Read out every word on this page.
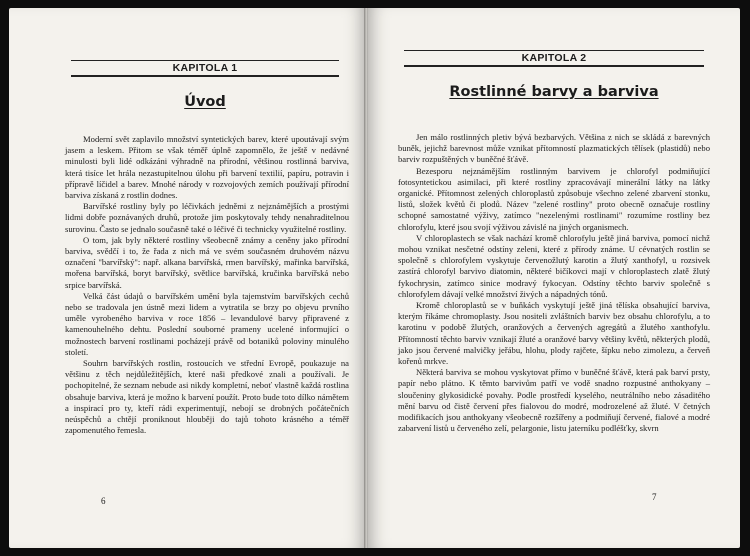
KAPITOLA 1
Úvod

Moderní svět zaplavilo množství syntetických barev, které upoutávají svým jasem a leskem. Přitom se však téměř úplně zapomnělo, že ještě v nedávné minulosti byli lidé odkázáni výhradně na přírodní, většinou rostlinná barviva, která tisíce let hrála nezastupitelnou úlohu při barvení textilií, papíru, potravin i přípravě líčidel a barev. Mnohé národy v rozvojových zemích používají přírodní barviva získaná z rostlin dodnes.

Barvířské rostliny byly po léčivkách jedněmi z nejznámějších a prostými lidmi dobře poznávaných druhů, protože jim poskytovaly tehdy nenahraditelnou surovinu. Často se jednalo současně také o léčivé či technicky využitelné rostliny.

O tom, jak byly některé rostliny všeobecně známy a ceněny jako přírodní barviva, svědčí i to, že řada z nich má ve svém současném druhovém názvu označení "barvířský": např. alkana barvířská, rmen barvířský, mařinka barvířská, mořena barvířská, boryt barvířský, světlice barvířská, kručinka barvířská nebo srpice barvířská.

Velká část údajů o barvířském umění byla tajemstvím barvířských cechů nebo se tradovala jen ústně mezi lidem a vytratila se brzy po objevu prvního uměle vyrobeného barviva v roce 1856 – levandulové barvy připravené z kamenouhelného dehtu. Poslední souborné prameny ucelené informující o možnostech barvení rostlinami pocházejí právě od botaniků poloviny minulého století.

Souhrn barvířských rostlin, rostoucích ve střední Evropě, poukazuje na většinu z těch nejdůležitějších, které naši předkové znali a používali. Je pochopitelné, že seznam nebude asi nikdy kompletní, neboť vlastně každá rostlina obsahuje barviva, která je možno k barvení použít. Proto bude toto dílko námětem a inspirací pro ty, kteří rádi experimentují, nebojí se drobných počátečních neúspěchů a chtějí proniknout hlouběji do tajů tohoto krásného a téměř zapomenutého řemesla.

6
KAPITOLA 2
Rostlinné barvy a barviva

Jen málo rostlinných pletiv bývá bezbarvých. Většina z nich se skládá z barevných buněk, jejichž barevnost může vznikat přítomností plazmatických tělísek (plastidů) nebo barviv rozpuštěných v buněčné šťávě.

Bezesporu nejznámějším rostlinným barvivem je chlorofyl podmiňující fotosyntetickou asimilaci, při které rostliny zpracovávají minerální látky na látky organické. Přítomnost zelených chloroplastů způsobuje všechno zelené zbarvení stonku, listů, složek květů či plodů. Název "zelené rostliny" proto obecně označuje rostliny schopné samostatné výživy, zatímco "nezelenými rostlinami" rozumíme rostliny bez chlorofylu, které jsou svojí výživou závislé na jiných organismech.

V chloroplastech se však nachází kromě chlorofylu ještě jiná barviva, pomocí nichž mohou vznikat nesčetné odstíny zeleni, které z přírody známe. U cévnatých rostlin se společně s chlorofylem vyskytuje červenožlutý karotin a žlutý xanthofyl, u rozsivek zastírá chlorofyl barvivo diatomin, některé bičíkovci mají v chloroplastech zlatě žlutý fykochrysin, zatímco sinice modravý fykocyan. Odstíny těchto barviv společně s chlorofylem dávají velké množství živých a nápadných tónů.

Kromě chloroplastů se v buňkách vyskytují ještě jiná tělíska obsahující barviva, kterým říkáme chromoplasty. Jsou nositeli zvláštních barviv bez obsahu chlorofylu, a to karotinu v podobě žlutých, oranžových a červených agregátů a žlutého xanthofylu. Přítomností těchto barviv vznikají žluté a oranžové barvy většiny květů, některých plodů, jako jsou červené malvičky jeřábu, hlohu, plody rajčete, šípku nebo zimolezu, a červeň kořenů mrkve.

Některá barviva se mohou vyskytovat přímo v buněčné šťávě, která pak barví prsty, papír nebo plátno. K těmto barvivům patří ve vodě snadno rozpustné anthokyany – sloučeniny glykosidické povahy. Podle prostředí kyselého, neutrálního nebo zásaditého mění barvu od čistě červení přes fialovou do modré, modrozelené až žluté. V četných modifikacích jsou anthokyany všeobecně rozšířeny a podmiňují červené, fialové a modré zabarvení listů u červeného zelí, pelargonie, listu jaterníku podléšťky, skvrn

7
